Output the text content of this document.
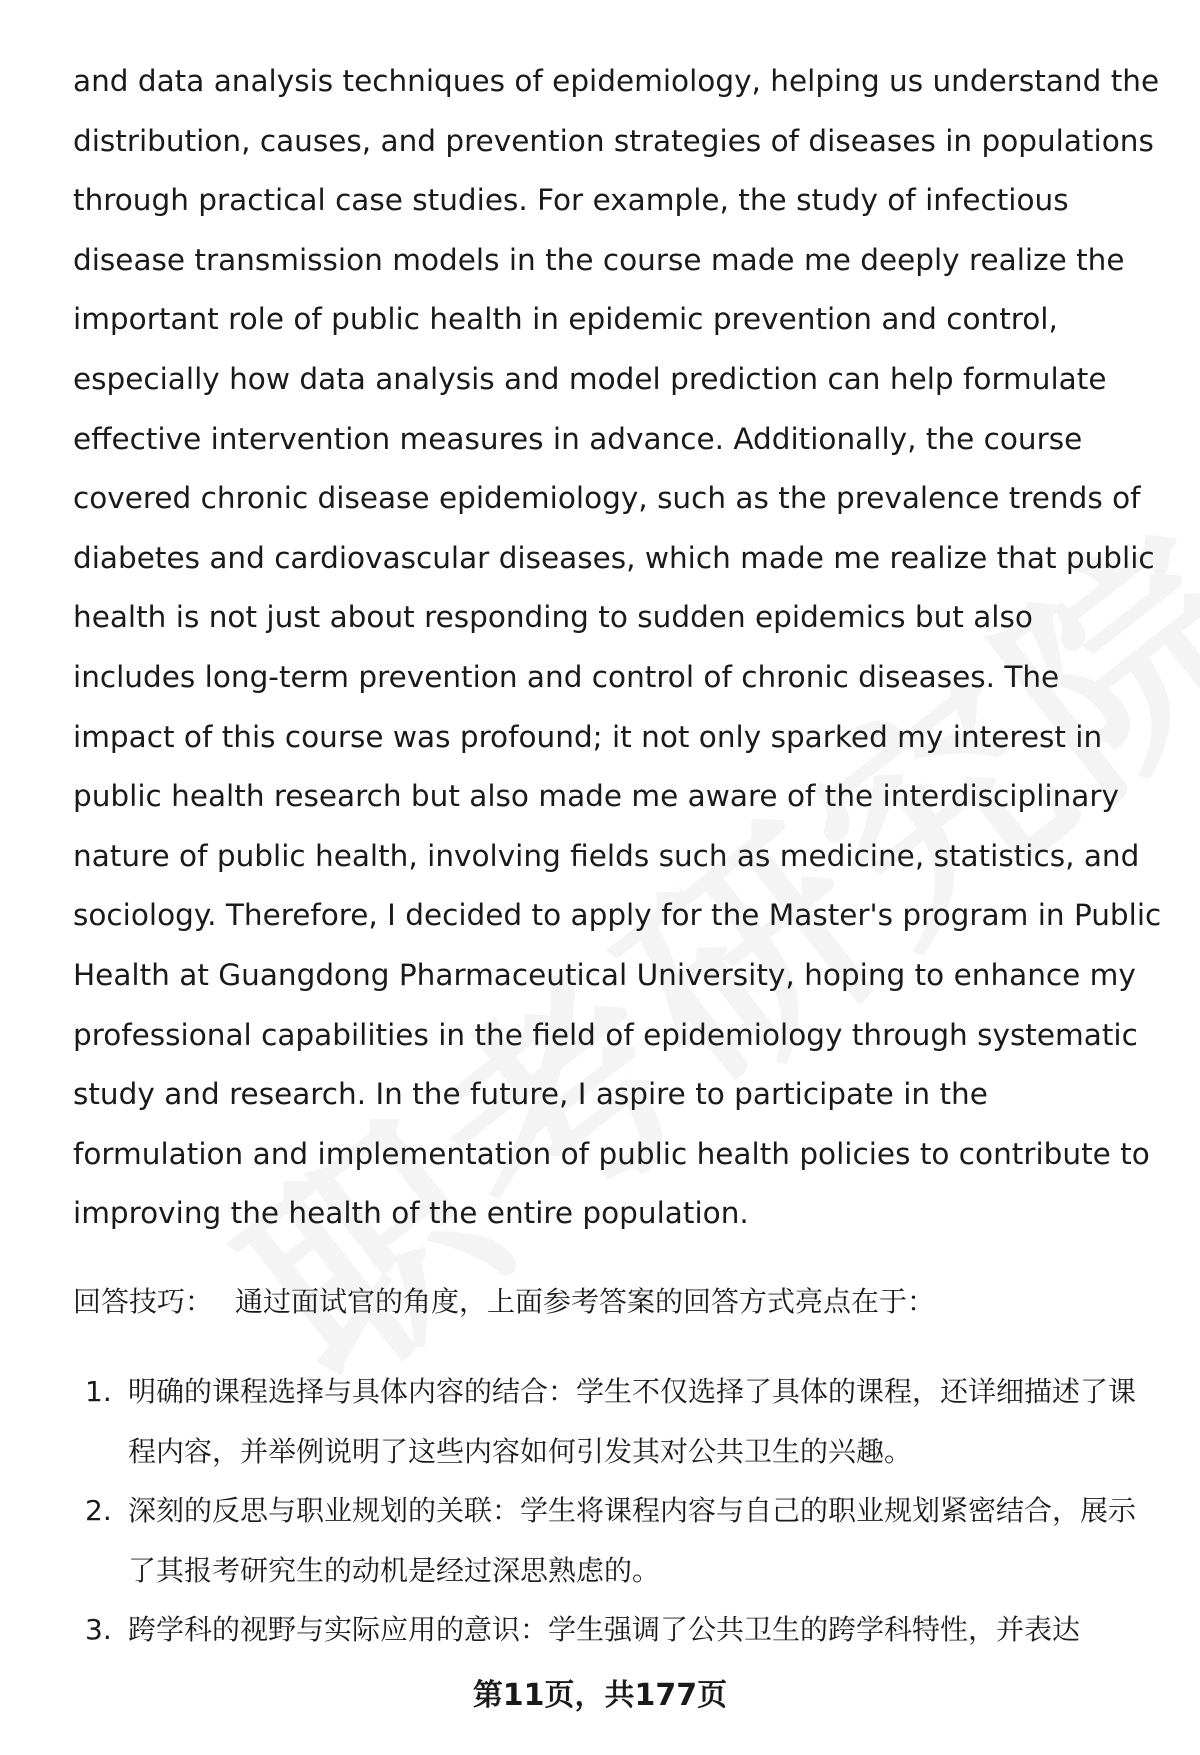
and data analysis techniques of epidemiology, helping us understand the distribution, causes, and prevention strategies of diseases in populations through practical case studies. For example, the study of infectious disease transmission models in the course made me deeply realize the important role of public health in epidemic prevention and control, especially how data analysis and model prediction can help formulate effective intervention measures in advance. Additionally, the course covered chronic disease epidemiology, such as the prevalence trends of diabetes and cardiovascular diseases, which made me realize that public health is not just about responding to sudden epidemics but also includes long-term prevention and control of chronic diseases. The impact of this course was profound; it not only sparked my interest in public health research but also made me aware of the interdisciplinary nature of public health, involving fields such as medicine, statistics, and sociology. Therefore, I decided to apply for the Master's program in Public Health at Guangdong Pharmaceutical University, hoping to enhance my professional capabilities in the field of epidemiology through systematic study and research. In the future, I aspire to participate in the formulation and implementation of public health policies to contribute to improving the health of the entire population.

回答技巧： 通过面试官的角度，上面参考答案的回答方式亮点在于：

1. 明确的课程选择与具体内容的结合：学生不仅选择了具体的课程，还详细描述了课程内容，并举例说明了这些内容如何引发其对公共卫生的兴趣。
2. 深刻的反思与职业规划的关联：学生将课程内容与自己的职业规划紧密结合，展示了其报考研究生的动机是经过深思熟虑的。
3. 跨学科的视野与实际应用的意识：学生强调了公共卫生的跨学科特性，并表达
第11页，共177页
